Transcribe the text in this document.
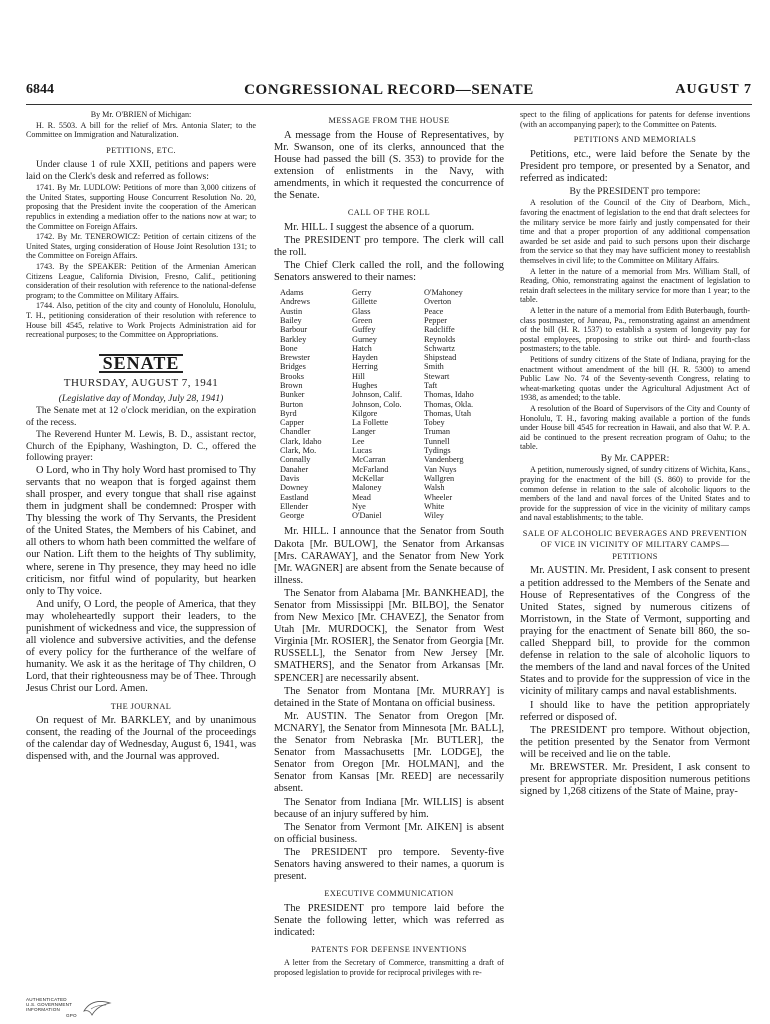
6844	CONGRESSIONAL RECORD—SENATE	AUGUST 7

By Mr. O'BRIEN of Michigan:

H. R. 5503. A bill for the relief of Mrs. Antonia Slater; to the Committee on Immigration and Naturalization.

PETITIONS, ETC.

Under clause 1 of rule XXII, petitions and papers were laid on the Clerk's desk and referred as follows:

1741. By Mr. LUDLOW: Petitions of more than 3,000 citizens of the United States, supporting House Concurrent Resolution No. 20, proposing that the President invite the cooperation of the American republics in extending a mediation offer to the nations now at war; to the Committee on Foreign Affairs.

1742. By Mr. TENEROWICZ: Petition of certain citizens of the United States, urging consideration of House Joint Resolution 131; to the Committee on Foreign Affairs.

1743. By the SPEAKER: Petition of the Armenian American Citizens League, California Division, Fresno, Calif., petitioning consideration of their resolution with reference to the national-defense program; to the Committee on Military Affairs.

1744. Also, petition of the city and county of Honolulu, Honolulu, T. H., petitioning consideration of their resolution with reference to House bill 4545, relative to Work Projects Administration aid for recreational purposes; to the Committee on Appropriations.

SENATE
THURSDAY, AUGUST 7, 1941

(Legislative day of Monday, July 28, 1941)

The Senate met at 12 o'clock meridian, on the expiration of the recess.

The Reverend Hunter M. Lewis, B. D., assistant rector, Church of the Epiphany, Washington, D. C., offered the following prayer:

O Lord, who in Thy holy Word hast promised to Thy servants that no weapon that is forged against them shall prosper, and every tongue that shall rise against them in judgment shall be condemned: Prosper with Thy blessing the work of Thy Servants, the President of the United States, the Members of his Cabinet, and all others to whom hath been committed the welfare of our Nation. Lift them to the heights of Thy sublimity, where, serene in Thy presence, they may heed no idle criticism, nor fitful wind of popularity, but hearken only to Thy voice.

And unify, O Lord, the people of America, that they may wholeheartedly support their leaders, to the punishment of wickedness and vice, the suppression of all violence and subversive activities, and the defense of every policy for the furtherance of the welfare of humanity. We ask it as the heritage of Thy children, O Lord, that their righteousness may be of Thee. Through Jesus Christ our Lord. Amen.

THE JOURNAL

On request of Mr. BARKLEY, and by unanimous consent, the reading of the Journal of the proceedings of the calendar day of Wednesday, August 6, 1941, was dispensed with, and the Journal was approved.

MESSAGE FROM THE HOUSE

A message from the House of Representatives, by Mr. Swanson, one of its clerks, announced that the House had passed the bill (S. 353) to provide for the extension of enlistments in the Navy, with amendments, in which it requested the concurrence of the Senate.

CALL OF THE ROLL

Mr. HILL. I suggest the absence of a quorum.

The PRESIDENT pro tempore. The clerk will call the roll.

The Chief Clerk called the roll, and the following Senators answered to their names:

Adams
Andrews
Austin
Bailey
Barbour
Barkley
Bone
Brewster
Bridges
Brooks
Brown
Bunker
Burton
Byrd
Capper
Chandler
Clark, Idaho
Clark, Mo.
Connally
Danaher
Davis
Downey
Eastland
Ellender
George
Gerry
Gillette
Glass
Green
Guffey
Gurney
Hatch
Hayden
Herring
Hill
Hughes
Johnson, Calif.
Johnson, Colo.
Kilgore
La Follette
Langer
Lee
Lucas
McCarran
McFarland
McKellar
Maloney
Mead
Nye
O'Daniel
O'Mahoney
Overton
Peace
Pepper
Radcliffe
Reynolds
Schwartz
Shipstead
Smith
Stewart
Taft
Thomas, Idaho
Thomas, Okla.
Thomas, Utah
Tobey
Truman
Tunnell
Tydings
Vandenberg
Van Nuys
Wallgren
Walsh
Wheeler
White
Wiley

Mr. HILL. I announce that the Senator from South Dakota [Mr. BULOW], the Senator from Arkansas [Mrs. CARAWAY], and the Senator from New York [Mr. WAGNER] are absent from the Senate because of illness.

The Senator from Alabama [Mr. BANKHEAD], the Senator from Mississippi [Mr. BILBO], the Senator from New Mexico [Mr. CHAVEZ], the Senator from Utah [Mr. MURDOCK], the Senator from West Virginia [Mr. ROSIER], the Senator from Georgia [Mr. RUSSELL], the Senator from New Jersey [Mr. SMATHERS], and the Senator from Arkansas [Mr. SPENCER] are necessarily absent.

The Senator from Montana [Mr. MURRAY] is detained in the State of Montana on official business.

Mr. AUSTIN. The Senator from Oregon [Mr. MCNARY], the Senator from Minnesota [Mr. BALL], the Senator from Nebraska [Mr. BUTLER], the Senator from Massachusetts [Mr. LODGE], the Senator from Oregon [Mr. HOLMAN], and the Senator from Kansas [Mr. REED] are necessarily absent.

The Senator from Indiana [Mr. WILLIS] is absent because of an injury suffered by him.

The Senator from Vermont [Mr. AIKEN] is absent on official business.

The PRESIDENT pro tempore. Seventy-five Senators having answered to their names, a quorum is present.

EXECUTIVE COMMUNICATION

The PRESIDENT pro tempore laid before the Senate the following letter, which was referred as indicated:

PATENTS FOR DEFENSE INVENTIONS

A letter from the Secretary of Commerce, transmitting a draft of proposed legislation to provide for reciprocal privileges with re-

spect to the filing of applications for patents for defense inventions (with an accompanying paper); to the Committee on Patents.

PETITIONS AND MEMORIALS

Petitions, etc., were laid before the Senate by the President pro tempore, or presented by a Senator, and referred as indicated:

By the PRESIDENT pro tempore:

A resolution of the Council of the City of Dearborn, Mich., favoring the enactment of legislation to the end that draft selectees for the military service be more fairly and justly compensated for their time and that a proper proportion of any additional compensation awarded be set aside and paid to such persons upon their discharge from the service so that they may have sufficient money to reestablish themselves in civil life; to the Committee on Military Affairs.

A letter in the nature of a memorial from Mrs. William Stall, of Reading, Ohio, remonstrating against the enactment of legislation to retain draft selectees in the military service for more than 1 year; to the table.

A letter in the nature of a memorial from Edith Buterbaugh, fourth-class postmaster, of Juneau, Pa., remonstrating against an amendment of the bill (H. R. 1537) to establish a system of longevity pay for postal employees, proposing to strike out third- and fourth-class postmasters; to the table.

Petitions of sundry citizens of the State of Indiana, praying for the enactment without amendment of the bill (H. R. 5300) to amend Public Law No. 74 of the Seventy-seventh Congress, relating to wheat-marketing quotas under the Agricultural Adjustment Act of 1938, as amended; to the table.

A resolution of the Board of Supervisors of the City and County of Honolulu, T. H., favoring making available a portion of the funds under House bill 4545 for recreation in Hawaii, and also that W. P. A. aid be continued to the present recreation program of Oahu; to the table.

By Mr. CAPPER:

A petition, numerously signed, of sundry citizens of Wichita, Kans., praying for the enactment of the bill (S. 860) to provide for the common defense in relation to the sale of alcoholic liquors to the members of the land and naval forces of the United States and to provide for the suppression of vice in the vicinity of military camps and naval establishments; to the table.

SALE OF ALCOHOLIC BEVERAGES AND PREVENTION OF VICE IN VICINITY OF MILITARY CAMPS—PETITIONS

Mr. AUSTIN. Mr. President, I ask consent to present a petition addressed to the Members of the Senate and House of Representatives of the Congress of the United States, signed by numerous citizens of Morristown, in the State of Vermont, supporting and praying for the enactment of Senate bill 860, the so-called Sheppard bill, to provide for the common defense in relation to the sale of alcoholic liquors to the members of the land and naval forces of the United States and to provide for the suppression of vice in the vicinity of military camps and naval establishments.

I should like to have the petition appropriately referred or disposed of.

The PRESIDENT pro tempore. Without objection, the petition presented by the Senator from Vermont will be received and lie on the table.

Mr. BREWSTER. Mr. President, I ask consent to present for appropriate disposition numerous petitions signed by 1,268 citizens of the State of Maine, pray-

AUTHENTICATED
U.S. GOVERNMENT
INFORMATION
GPO
